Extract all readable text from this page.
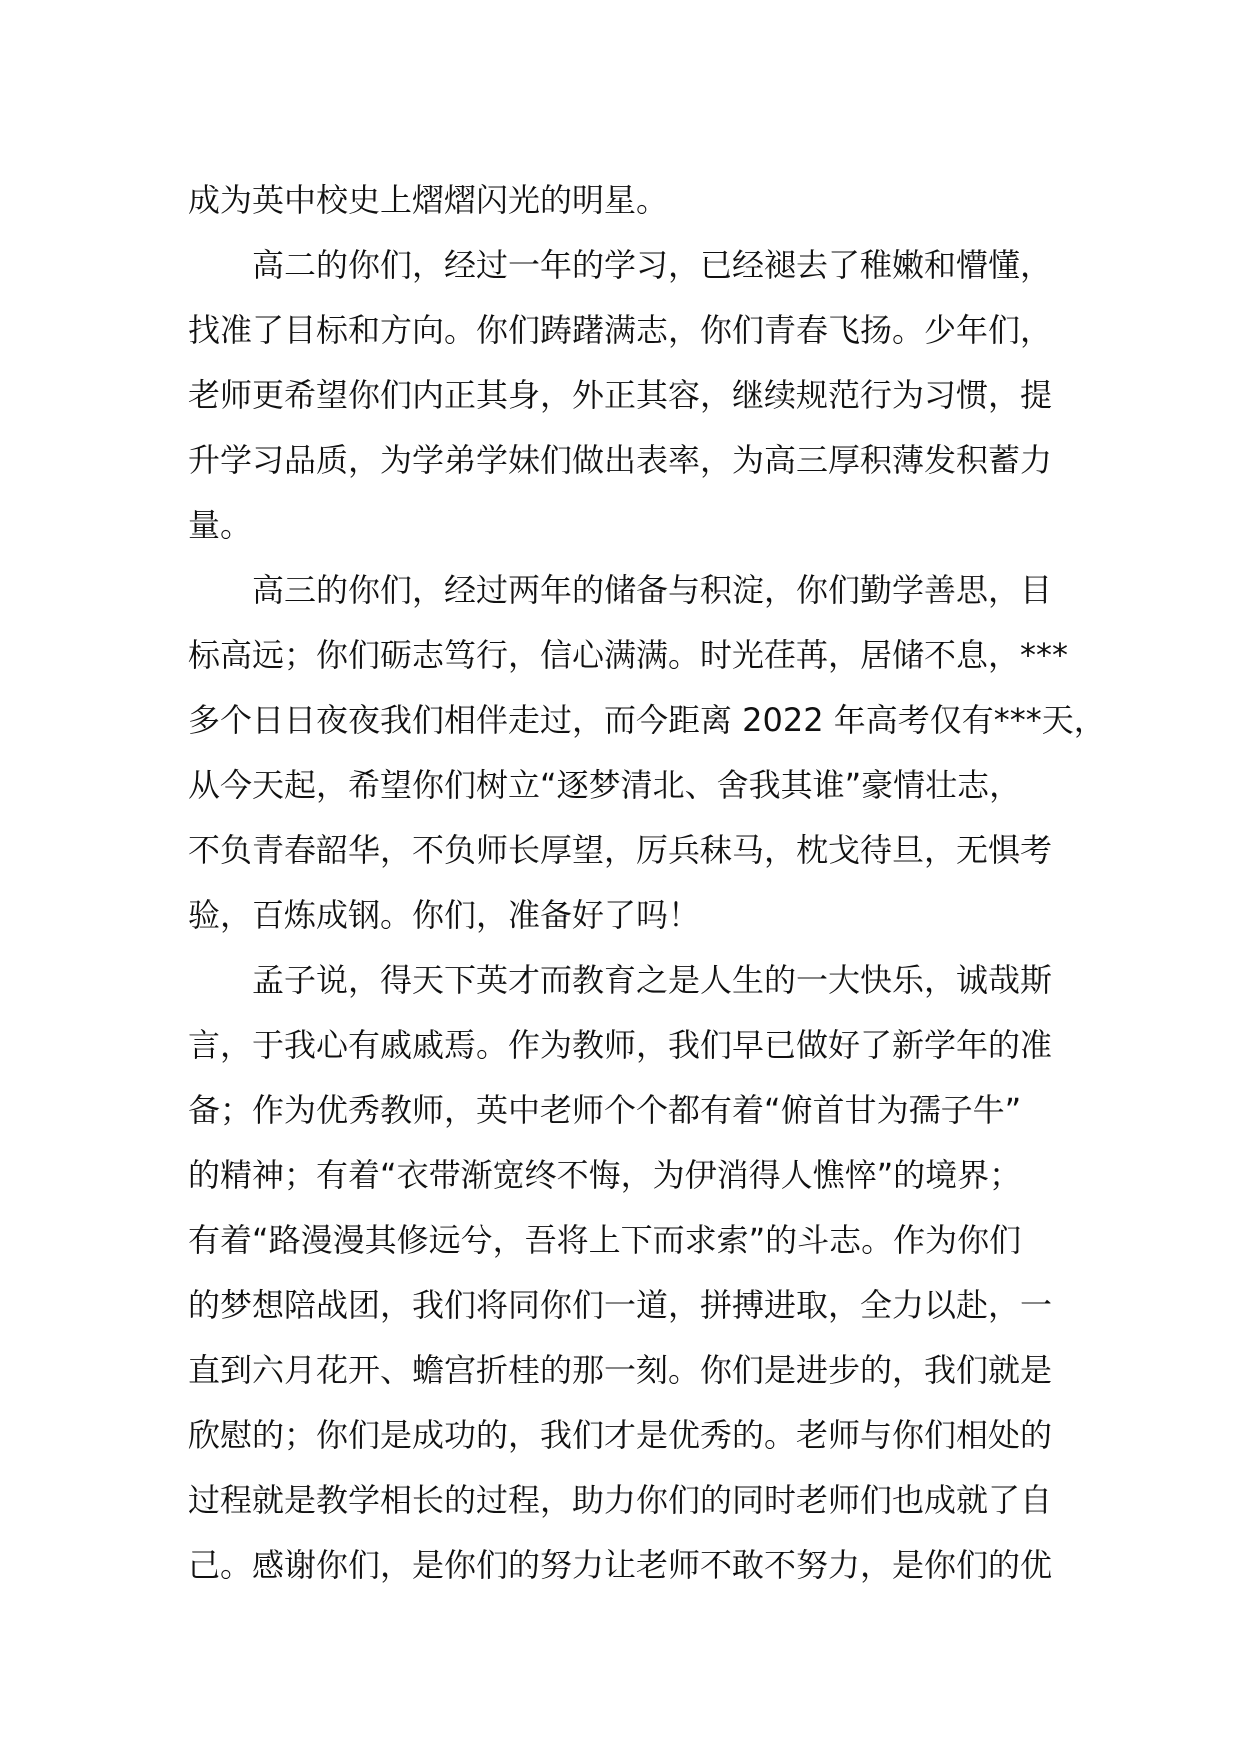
成为英中校史上熠熠闪光的明星。
高二的你们，经过一年的学习，已经褪去了稚嫩和懵懂，
找准了目标和方向。你们踌躇满志，你们青春飞扬。少年们，
老师更希望你们内正其身，外正其容，继续规范行为习惯，提
升学习品质，为学弟学妹们做出表率，为高三厚积薄发积蓄力
量。
高三的你们，经过两年的储备与积淀，你们勤学善思，目
标高远；你们砺志笃行，信心满满。时光荏苒，居储不息，***
多个日日夜夜我们相伴走过，而今距离 2022 年高考仅有***天，
从今天起，希望你们树立“逐梦清北、舍我其谁”豪情壮志，
不负青春韶华，不负师长厚望，厉兵秣马，枕戈待旦，无惧考
验，百炼成钢。你们，准备好了吗！
孟子说，得天下英才而教育之是人生的一大快乐，诚哉斯
言，于我心有戚戚焉。作为教师，我们早已做好了新学年的准
备；作为优秀教师，英中老师个个都有着“俯首甘为孺子牛”
的精神；有着“衣带渐宽终不悔，为伊消得人憔悴”的境界；
有着“路漫漫其修远兮，吾将上下而求索”的斗志。作为你们
的梦想陪战团，我们将同你们一道，拼搏进取，全力以赴，一
直到六月花开、蟾宫折桂的那一刻。你们是进步的，我们就是
欣慰的；你们是成功的，我们才是优秀的。老师与你们相处的
过程就是教学相长的过程，助力你们的同时老师们也成就了自
己。感谢你们，是你们的努力让老师不敢不努力，是你们的优
